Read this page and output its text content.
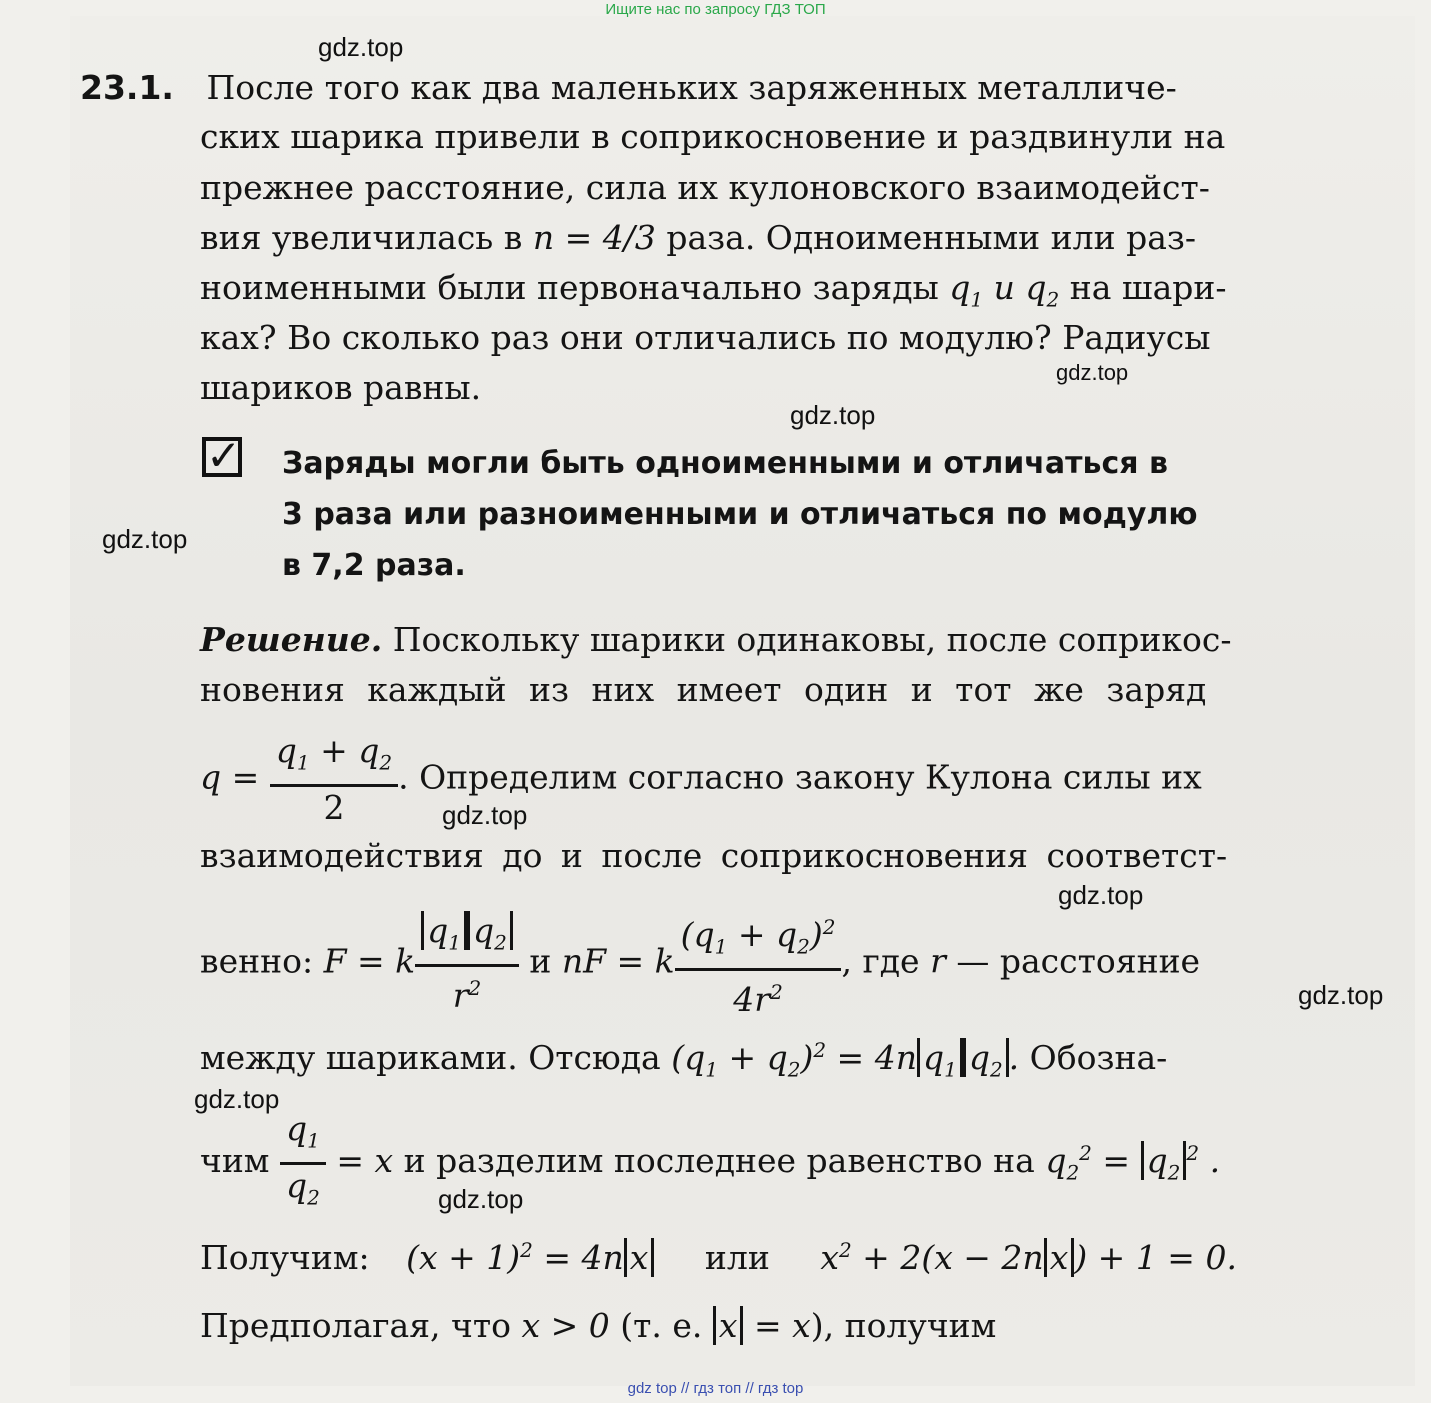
Ищите нас по запросу ГДЗ ТОП
23.1. После того как два маленьких заряженных металличе-
ских шарика привели в соприкосновение и раздвинули на
прежнее расстояние, сила их кулоновского взаимодейст-
вия увеличилась в n = 4/3 раза. Одноименными или раз-
ноименными были первоначально заряды $q_1$ и $q_2$ на шари-
ках? Во сколько раз они отличались по модулю? Радиусы
шариков равны.
✓ Заряды могли быть одноименными и отличаться в
3 раза или разноименными и отличаться по модулю
в 7,2 раза.
Решение. Поскольку шарики одинаковы, после соприкос-
новения каждый из них имеет один и тот же заряд
$q = \frac{q_1 + q_2}{2}$ . Определим согласно закону Кулона силы их
взаимодействия до и после соприкосновения соответст-
венно: F = k $\frac{q_1 q_2}{r^2}$ и nF = k $\frac{(q_1 + q_2)^2}{4r^2}$ , где r — расстояние
между шариками. Отсюда $(q_1 + q_2)^2 = 4n$ $q_1$ $q_2$ . Обозна-
чим $\frac{q_1}{q_2} = x$ и разделим последнее равенство на $q_2^2 = q_2^2$ .
Получим: $(x + 1)^2 = 4n$ x или $x^2 + 2(x - 2n$ x ) + 1 = 0.
Предполагая, что x > 0 (т. е. x = x), получим
gdz.top
gdz.top
gdz.top
gdz.top
gdz.top
gdz.top
gdz.top
gdz.top
gdz.top
gdz top // гдз топ // гдз top
